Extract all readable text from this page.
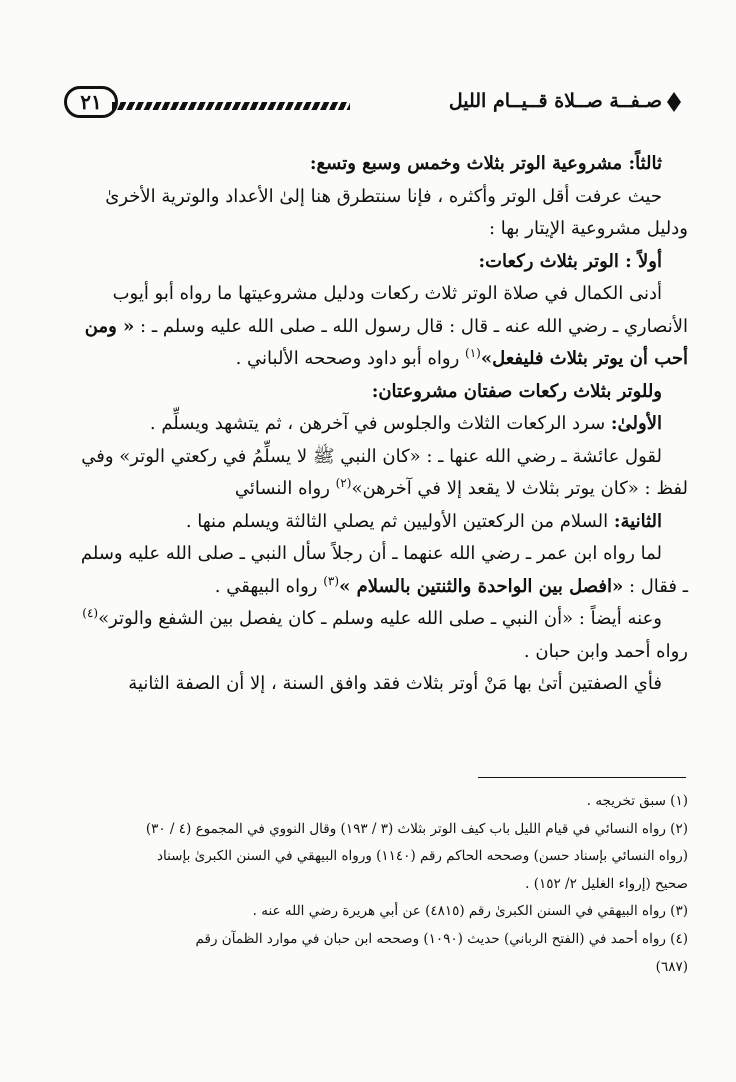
صـفــة صــلاة قــيــام الليل
٢١

ثالثاً: مشروعية الوتر بثلاث وخمس وسبع وتسع:

حيث عرفت أقل الوتر وأكثره ، فإنا سنتطرق هنا إلىٰ الأعداد والوترية الأخرىٰ

ودليل مشروعية الإيتار بها :

أولاً : الوتر بثلاث ركعات:

أدنى الكمال في صلاة الوتر ثلاث ركعات ودليل مشروعيتها ما رواه أبو أيوب

الأنصاري ـ رضي الله عنه ـ قال : قال رسول الله ـ صلى الله عليه وسلم ـ : « ومن

أحب أن يوتر بثلاث فليفعل»$^{(١)}$ رواه أبو داود وصححه الألباني .

وللوتر بثلاث ركعات صفتان مشروعتان:

الأولىٰ: سرد الركعات الثلاث والجلوس في آخرهن ، ثم يتشهد ويسلِّم .

لقول عائشة ـ رضي الله عنها ـ : «كان النبي ﷺ لا يسلِّمُ في ركعتي الوتر» وفي

لفظ : «كان يوتر بثلاث لا يقعد إلا في آخرهن»$^{(٢)}$ رواه النسائي

الثانية: السلام من الركعتين الأوليين ثم يصلي الثالثة ويسلم منها .

لما رواه ابن عمر ـ رضي الله عنهما ـ أن رجلاً سأل النبي ـ صلى الله عليه وسلم

ـ فقال : «افصل بين الواحدة والثنتين بالسلام »$^{(٣)}$ رواه البيهقي .

وعنه أيضاً : «أن النبي ـ صلى الله عليه وسلم ـ كان يفصل بين الشفع والوتر»$^{(٤)}$

رواه أحمد وابن حبان .

فأي الصفتين أتىٰ بها مَنْ أوتر بثلاث فقد وافق السنة ، إلا أن الصفة الثانية

(١) سبق تخريجه .

(٢) رواه النسائي في قيام الليل باب كيف الوتر بثلاث (٣ / ١٩٣) وقال النووي في المجموع (٤ / ٣٠)

(رواه النسائي بإسناد حسن) وصححه الحاكم رقم (١١٤٠) ورواه البيهقي في السنن الكبرىٰ بإسناد

صحيح (إرواء الغليل ٢/ ١٥٢) .

(٣) رواه البيهقي في السنن الكبرىٰ رقم (٤٨١٥) عن أبي هريرة رضي الله عنه .

(٤) رواه أحمد في (الفتح الرباني) حديث (١٠٩٠) وصححه ابن حبان في موارد الظمآن رقم

(٦٨٧)
